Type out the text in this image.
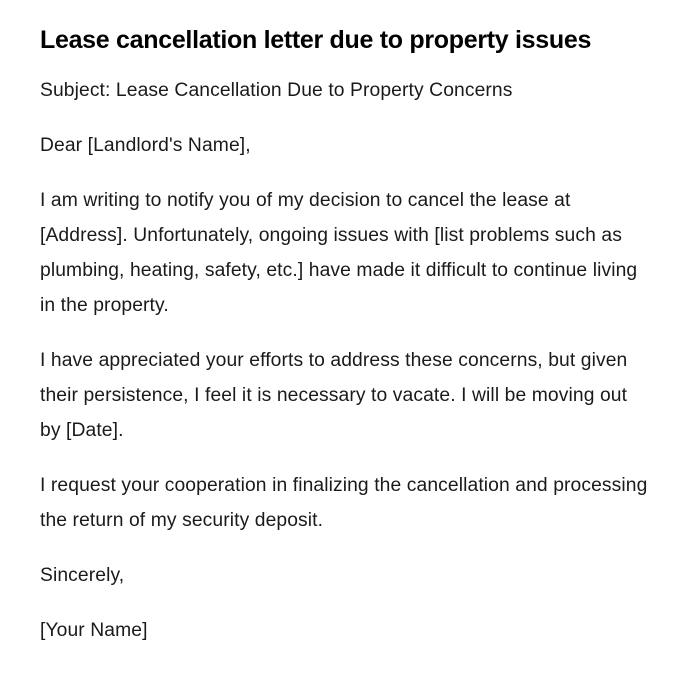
Lease cancellation letter due to property issues

Subject: Lease Cancellation Due to Property Concerns

Dear [Landlord's Name],

I am writing to notify you of my decision to cancel the lease at [Address]. Unfortunately, ongoing issues with [list problems such as plumbing, heating, safety, etc.] have made it difficult to continue living in the property.

I have appreciated your efforts to address these concerns, but given their persistence, I feel it is necessary to vacate. I will be moving out by [Date].

I request your cooperation in finalizing the cancellation and processing the return of my security deposit.

Sincerely,

[Your Name]
